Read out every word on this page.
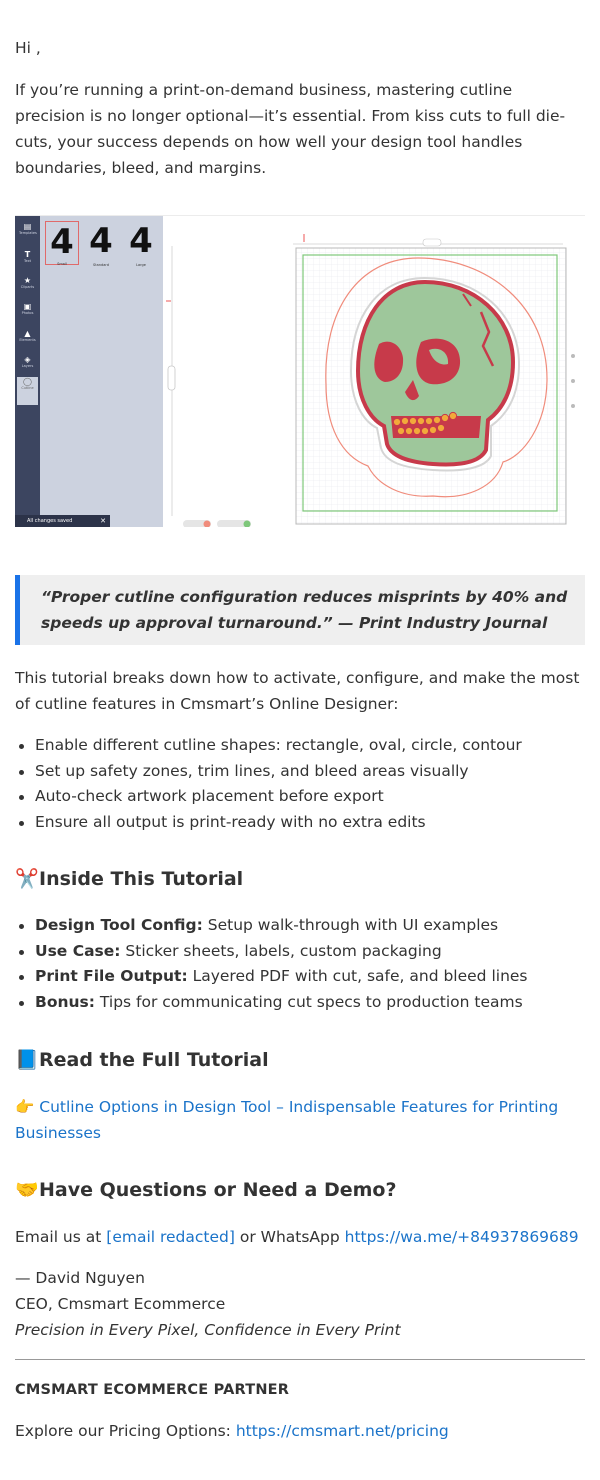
Hi ,

If you’re running a print-on-demand business, mastering cutline precision is no longer optional—it’s essential. From kiss cuts to full die-cuts, your success depends on how well your design tool handles boundaries, bleed, and margins.

▤
Templates
T
Text
★
Cliparts
▣
Photos
▲
Elements
◈
Layers
◯
Cutline
4
Small
4
Standard
4
Large
All changes saved	✕
“Proper cutline configuration reduces misprints by 40% and speeds up approval turnaround.” — Print Industry Journal

This tutorial breaks down how to activate, configure, and make the most of cutline features in Cmsmart’s Online Designer:

Enable different cutline shapes: rectangle, oval, circle, contour
Set up safety zones, trim lines, and bleed areas visually
Auto-check artwork placement before export
Ensure all output is print-ready with no extra edits
✂️Inside This Tutorial
Design Tool Config: Setup walk-through with UI examples
Use Case: Sticker sheets, labels, custom packaging
Print File Output: Layered PDF with cut, safe, and bleed lines
Bonus: Tips for communicating cut specs to production teams
📘Read the Full Tutorial

👉 Cutline Options in Design Tool – Indispensable Features for Printing Businesses

🤝Have Questions or Need a Demo?

Email us at [email redacted] or WhatsApp https://wa.me/+84937869689

— David Nguyen

CEO, Cmsmart Ecommerce

Precision in Every Pixel, Confidence in Every Print

CMSMART ECOMMERCE PARTNER

Explore our Pricing Options: https://cmsmart.net/pricing
